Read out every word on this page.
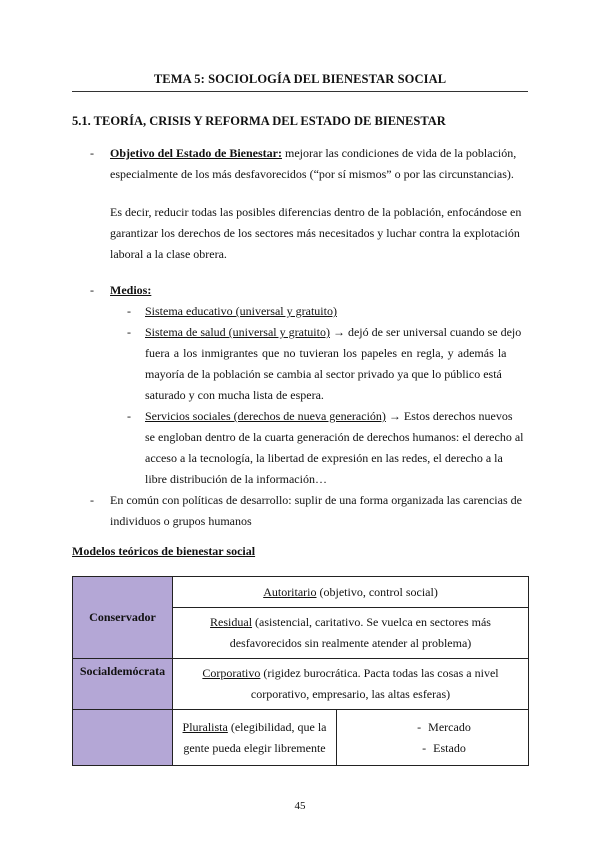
TEMA 5: SOCIOLOGÍA DEL BIENESTAR SOCIAL
5.1. TEORÍA, CRISIS Y REFORMA DEL ESTADO DE BIENESTAR
- Objetivo del Estado de Bienestar: mejorar las condiciones de vida de la población,
especialmente de los más desfavorecidos (“por sí mismos” o por las circunstancias).
Es decir, reducir todas las posibles diferencias dentro de la población, enfocándose en
garantizar los derechos de los sectores más necesitados y luchar contra la explotación
laboral a la clase obrera.
- Medios:
- Sistema educativo (universal y gratuito)
- Sistema de salud (universal y gratuito) → dejó de ser universal cuando se dejo
fuera a los inmigrantes que no tuvieran los papeles en regla, y además la
mayoría de la población se cambia al sector privado ya que lo público está
saturado y con mucha lista de espera.
- Servicios sociales (derechos de nueva generación) → Estos derechos nuevos
se engloban dentro de la cuarta generación de derechos humanos: el derecho al
acceso a la tecnología, la libertad de expresión en las redes, el derecho a la
libre distribución de la información…
- En común con políticas de desarrollo: suplir de una forma organizada las carencias de
individuos o grupos humanos
Modelos teóricos de bienestar social
Conservador	Autoritario (objetivo, control social)	
	Residual (asistencial, caritativo. Se vuelca en sectores más desfavorecidos sin realmente atender al problema)	
Socialdemócrata	Corporativo (rigidez burocrática. Pacta todas las cosas a nivel corporativo, empresario, las altas esferas)	
	Pluralista (elegibilidad, que la gente pueda elegir libremente	- Mercado
- Estado
45
